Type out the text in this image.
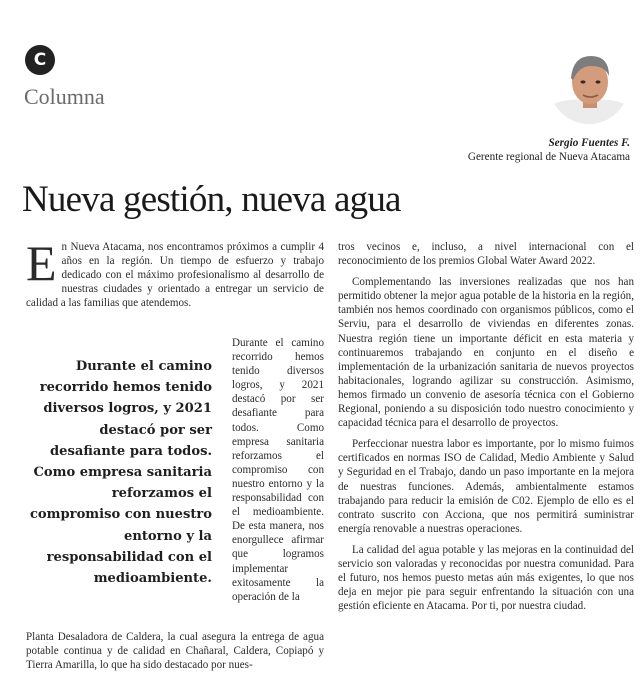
C
Columna
Sergio Fuentes F.
Gerente regional de Nueva Atacama
Nueva gestión, nueva agua

En Nueva Atacama, nos encontramos próximos a cumplir 4 años en la región. Un tiempo de esfuerzo y trabajo dedicado con el máximo profesionalismo al desarrollo de nuestras ciudades y orientado a entregar un servicio de calidad a las familias que atendemos.

Durante el camino recorrido hemos tenido diversos logros, y 2021 destacó por ser desafiante para todos. Como empresa sanitaria reforzamos el compromiso con nuestro entorno y la responsabilidad con el medioambiente.
Durante el camino recorrido hemos tenido diversos logros, y 2021 destacó por ser desafiante para todos. Como empresa sanitaria reforzamos el compromiso con nuestro entorno y la responsabilidad con el medioambiente. De esta manera, nos enorgullece afirmar que logramos implementar exitosamente la operación de la
Planta Desaladora de Caldera, la cual asegura la entrega de agua potable continua y de calidad en Chañaral, Caldera, Copiapó y Tierra Amarilla, lo que ha sido destacado por nues-

tros vecinos e, incluso, a nivel internacional con el reconocimiento de los premios Global Water Award 2022.

Complementando las inversiones realizadas que nos han permitido obtener la mejor agua potable de la historia en la región, también nos hemos coordinado con organismos públicos, como el Serviu, para el desarrollo de viviendas en diferentes zonas. Nuestra región tiene un importante déficit en esta materia y continuaremos trabajando en conjunto en el diseño e implementación de la urbanización sanitaria de nuevos proyectos habitacionales, logrando agilizar su construcción. Asimismo, hemos firmado un convenio de asesoría técnica con el Gobierno Regional, poniendo a su disposición todo nuestro conocimiento y capacidad técnica para el desarrollo de proyectos.

Perfeccionar nuestra labor es importante, por lo mismo fuimos certificados en normas ISO de Calidad, Medio Ambiente y Salud y Seguridad en el Trabajo, dando un paso importante en la mejora de nuestras funciones. Además, ambientalmente estamos trabajando para reducir la emisión de C02. Ejemplo de ello es el contrato suscrito con Acciona, que nos permitirá suministrar energía renovable a nuestras operaciones.

La calidad del agua potable y las mejoras en la continuidad del servicio son valoradas y reconocidas por nuestra comunidad. Para el futuro, nos hemos puesto metas aún más exigentes, lo que nos deja en mejor pie para seguir enfrentando la situación con una gestión eficiente en Atacama. Por ti, por nuestra ciudad.
